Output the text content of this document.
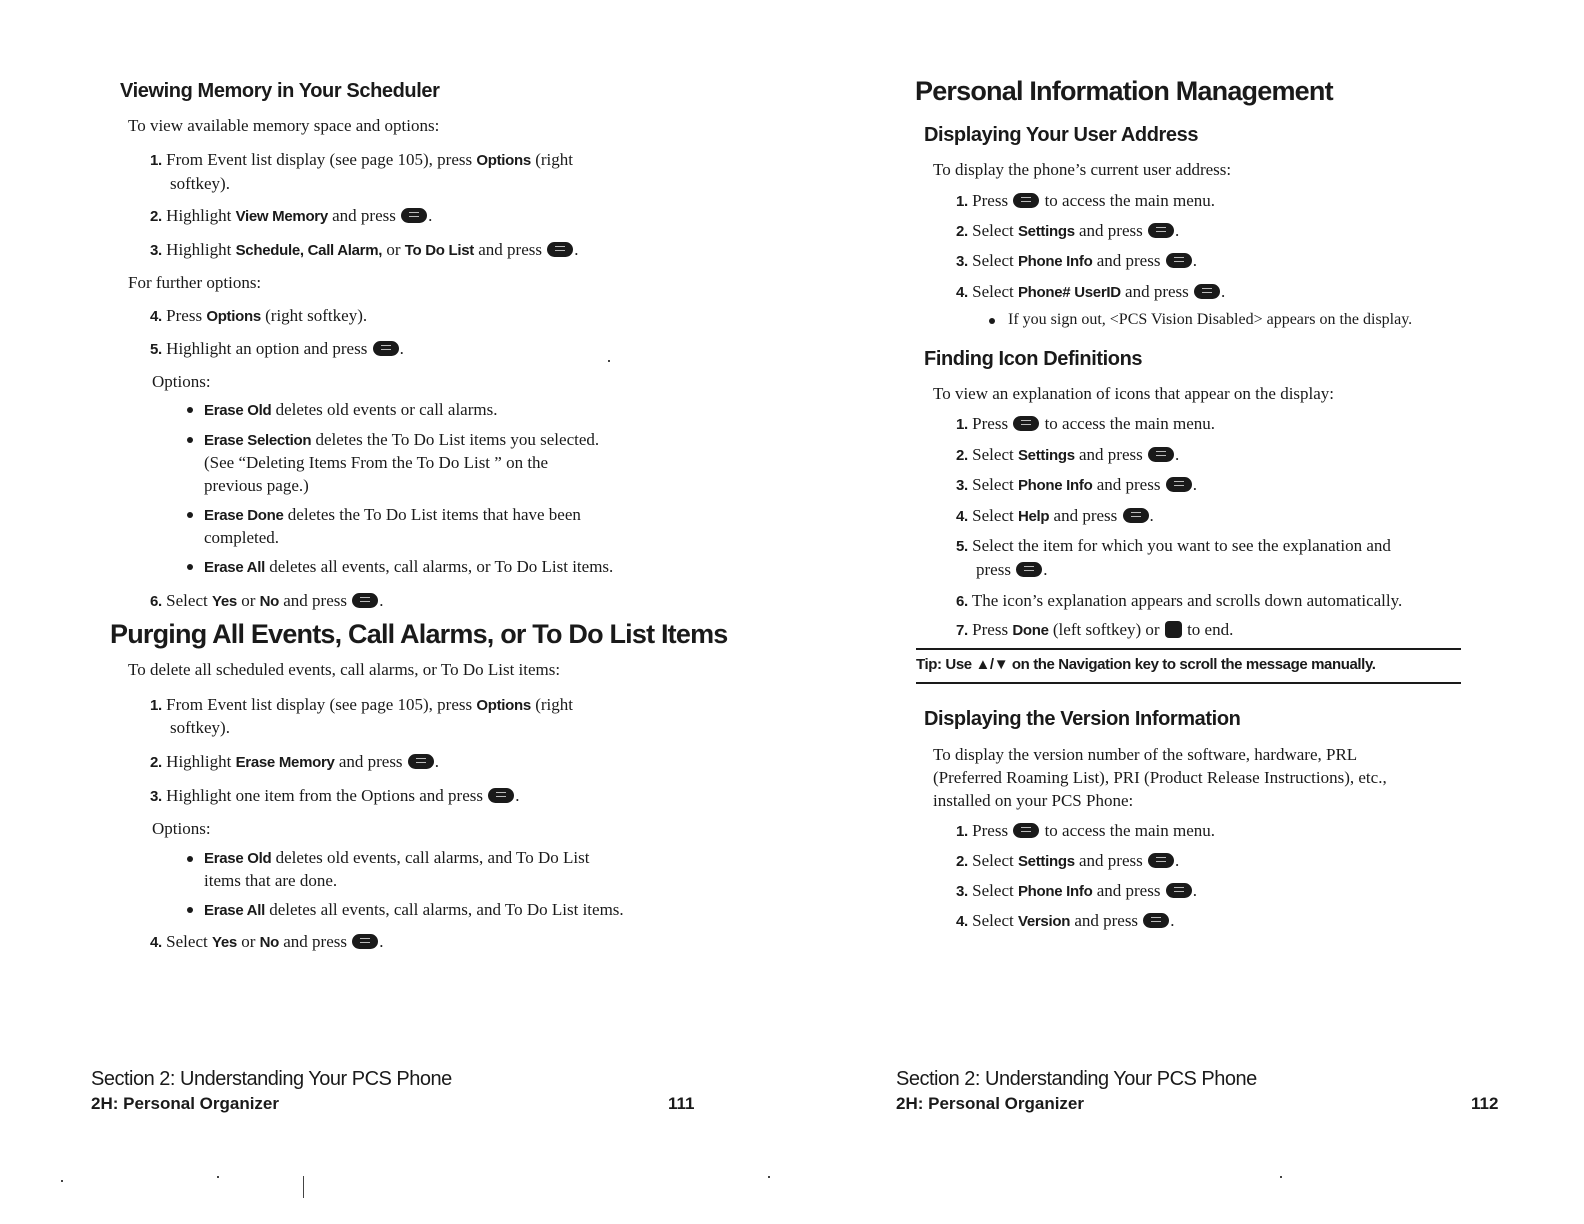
Viewing Memory in Your Scheduler
To view available memory space and options:
1. From Event list display (see page 105), press Options (right
softkey).
2. Highlight View Memory and press .
3. Highlight Schedule, Call Alarm, or To Do List and press .
For further options:
4. Press Options (right softkey).
5. Highlight an option and press .
Options:
Erase Old deletes old events or call alarms.
Erase Selection deletes the To Do List items you selected.
(See “Deleting Items From the To Do List ” on the
previous page.)
Erase Done deletes the To Do List items that have been
completed.
Erase All deletes all events, call alarms, or To Do List items.
6. Select Yes or No and press .
Purging All Events, Call Alarms, or To Do List Items
To delete all scheduled events, call alarms, or To Do List items:
1. From Event list display (see page 105), press Options (right
softkey).
2. Highlight Erase Memory and press .
3. Highlight one item from the Options and press .
Options:
Erase Old deletes old events, call alarms, and To Do List
items that are done.
Erase All deletes all events, call alarms, and To Do List items.
4. Select Yes or No and press .
Section 2: Understanding Your PCS Phone
2H: Personal Organizer	111
Personal Information Management
Displaying Your User Address
To display the phone’s current user address:
1. Press  to access the main menu.
2. Select Settings and press .
3. Select Phone Info and press .
4. Select Phone# UserID and press .
If you sign out, <PCS Vision Disabled> appears on the display.
Finding Icon Definitions
To view an explanation of icons that appear on the display:
1. Press  to access the main menu.
2. Select Settings and press .
3. Select Phone Info and press .
4. Select Help and press .
5. Select the item for which you want to see the explanation and
press .
6. The icon’s explanation appears and scrolls down automatically.
7. Press Done (left softkey) or  to end.
Tip: Use ▲/▼ on the Navigation key to scroll the message manually.
Displaying the Version Information
To display the version number of the software, hardware, PRL
(Preferred Roaming List), PRI (Product Release Instructions), etc.,
installed on your PCS Phone:
1. Press  to access the main menu.
2. Select Settings and press .
3. Select Phone Info and press .
4. Select Version and press .
Section 2: Understanding Your PCS Phone
2H: Personal Organizer	112
